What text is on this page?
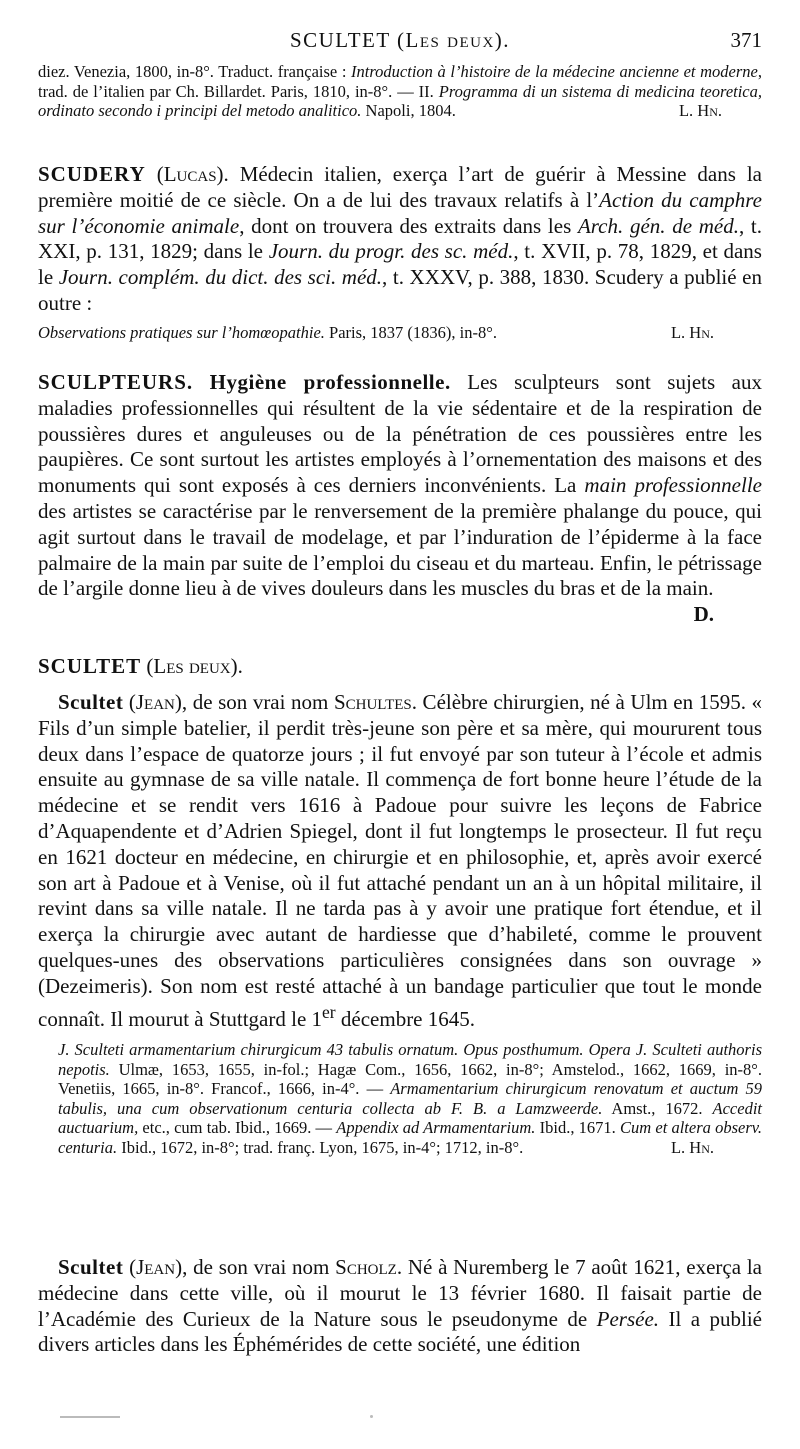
SCULTET (Les deux).	371
diez. Venezia, 1800, in-8°. Traduct. française : Introduction à l’histoire de la médecine ancienne et moderne, trad. de l’italien par Ch. Billardet. Paris, 1810, in-8°. — II. Programma di un sistema di medicina teoretica, ordinato secondo i principi del metodo analitico. Napoli, 1804.	L. Hn.
SCUDERY (Lucas). Médecin italien, exerça l’art de guérir à Messine dans la première moitié de ce siècle. On a de lui des travaux relatifs à l’Action du camphre sur l’économie animale, dont on trouvera des extraits dans les Arch. gén. de méd., t. XXI, p. 131, 1829; dans le Journ. du progr. des sc. méd., t. XVII, p. 78, 1829, et dans le Journ. complém. du dict. des sci. méd., t. XXXV, p. 388, 1830. Scudery a publié en outre :
Observations pratiques sur l’homœopathie. Paris, 1837 (1836), in-8°.	L. Hn.
SCULPTEURS. Hygiène professionnelle. Les sculpteurs sont sujets aux maladies professionnelles qui résultent de la vie sédentaire et de la respiration de poussières dures et anguleuses ou de la pénétration de ces poussières entre les paupières. Ce sont surtout les artistes employés à l’ornementation des maisons et des monuments qui sont exposés à ces derniers inconvénients. La main professionnelle des artistes se caractérise par le renversement de la première phalange du pouce, qui agit surtout dans le travail de modelage, et par l’induration de l’épiderme à la face palmaire de la main par suite de l’emploi du ciseau et du marteau. Enfin, le pétrissage de l’argile donne lieu à de vives douleurs dans les muscles du bras et de la main.
D.
SCULTET (Les deux).
Scultet (Jean), de son vrai nom Schultes. Célèbre chirurgien, né à Ulm en 1595. « Fils d’un simple batelier, il perdit très-jeune son père et sa mère, qui moururent tous deux dans l’espace de quatorze jours ; il fut envoyé par son tuteur à l’école et admis ensuite au gymnase de sa ville natale. Il commença de fort bonne heure l’étude de la médecine et se rendit vers 1616 à Padoue pour suivre les leçons de Fabrice d’Aquapendente et d’Adrien Spiegel, dont il fut longtemps le prosecteur. Il fut reçu en 1621 docteur en médecine, en chirurgie et en philosophie, et, après avoir exercé son art à Padoue et à Venise, où il fut attaché pendant un an à un hôpital militaire, il revint dans sa ville natale. Il ne tarda pas à y avoir une pratique fort étendue, et il exerça la chirurgie avec autant de hardiesse que d’habileté, comme le prouvent quelques-unes des observations particulières consignées dans son ouvrage » (Dezeimeris). Son nom est resté attaché à un bandage particulier que tout le monde connaît. Il mourut à Stuttgard le 1er décembre 1645.
J. Sculteti armamentarium chirurgicum 43 tabulis ornatum. Opus posthumum. Opera J. Sculteti authoris nepotis. Ulmæ, 1653, 1655, in-fol.; Hagæ Com., 1656, 1662, in-8°; Amstelod., 1662, 1669, in-8°. Venetiis, 1665, in-8°. Francof., 1666, in-4°. — Armamentarium chirurgicum renovatum et auctum 59 tabulis, una cum observationum centuria collecta ab F. B. a Lamzweerde. Amst., 1672. Accedit auctuarium, etc., cum tab. Ibid., 1669. — Appendix ad Armamentarium. Ibid., 1671. Cum et altera observ. centuria. Ibid., 1672, in-8°; trad. franç. Lyon, 1675, in-4°; 1712, in-8°.	L. Hn.
Scultet (Jean), de son vrai nom Scholz. Né à Nuremberg le 7 août 1621, exerça la médecine dans cette ville, où il mourut le 13 février 1680. Il faisait partie de l’Académie des Curieux de la Nature sous le pseudonyme de Persée. Il a publié divers articles dans les Éphémérides de cette société, une édition
